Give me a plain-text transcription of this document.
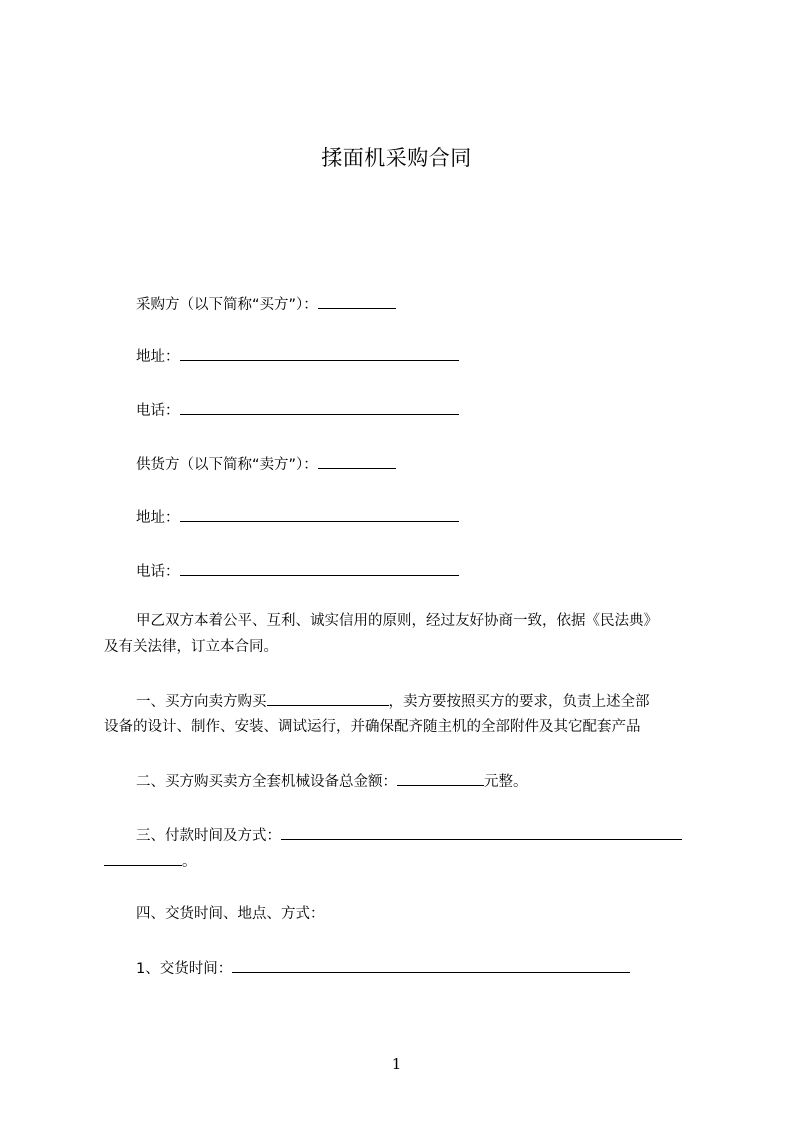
揉面机采购合同
采购方（以下简称“买方”）：
地址：
电话：
供货方（以下简称“卖方”）：
地址：
电话：
甲乙双方本着公平、互利、诚实信用的原则，经过友好协商一致，依据《民法典》
及有关法律，订立本合同。
一、买方向卖方购买	，卖方要按照买方的要求，负责上述全部
设备的设计、制作、安装、调试运行，并确保配齐随主机的全部附件及其它配套产品
二、买方购买卖方全套机械设备总金额：	元整。
三、付款时间及方式：
。
四、交货时间、地点、方式：
1、交货时间：
1
